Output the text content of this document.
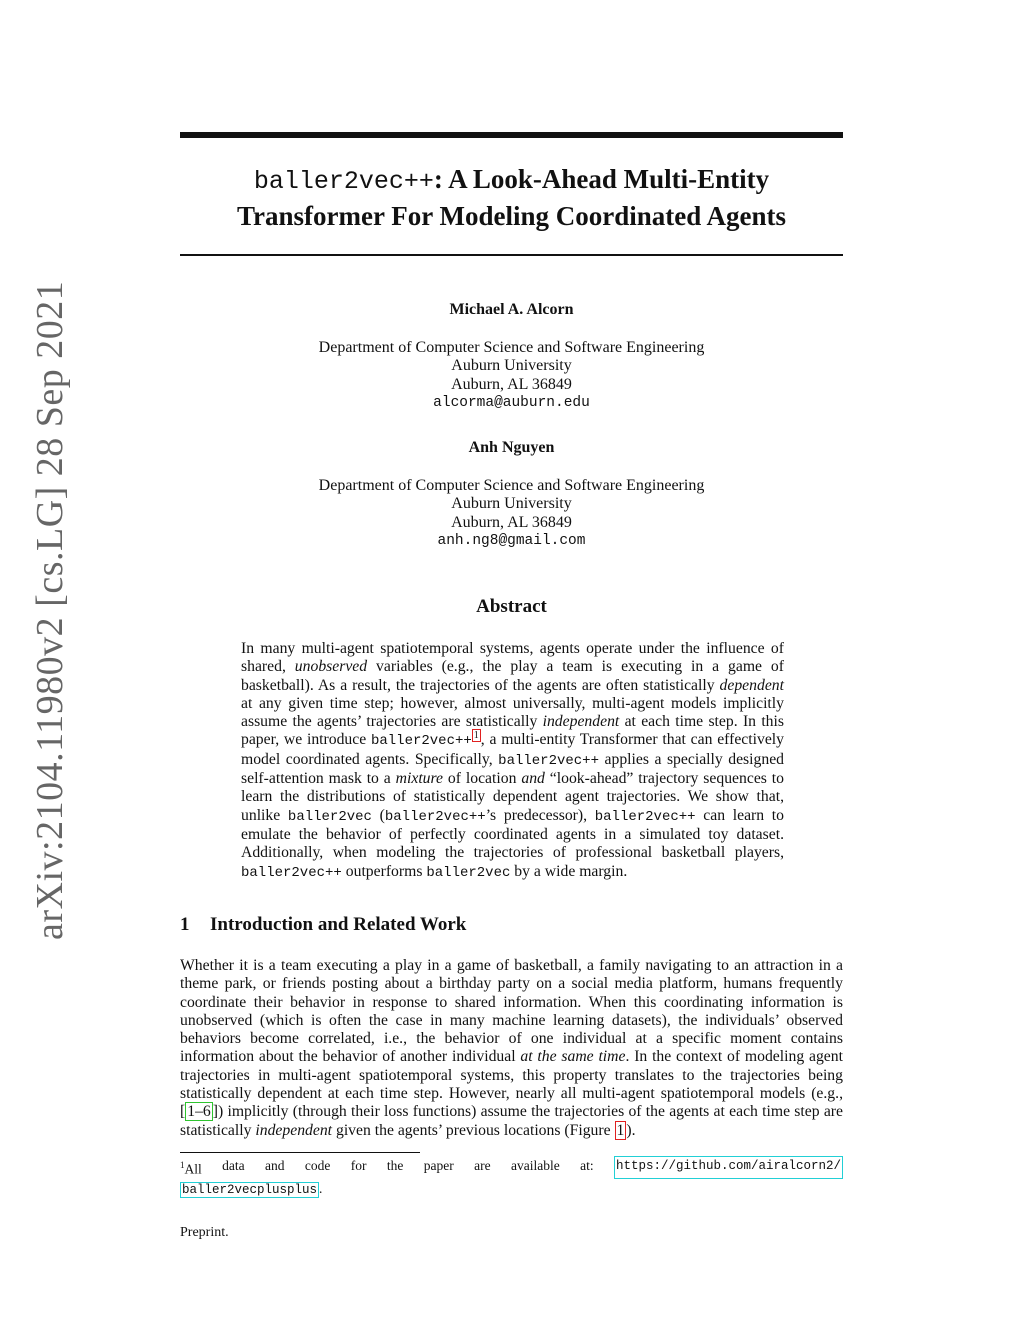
arXiv:2104.11980v2 [cs.LG] 28 Sep 2021
baller2vec++: A Look-Ahead Multi-Entity
Transformer For Modeling Coordinated Agents
Michael A. Alcorn
Department of Computer Science and Software Engineering
Auburn University
Auburn, AL 36849
alcorma@auburn.edu
Anh Nguyen
Department of Computer Science and Software Engineering
Auburn University
Auburn, AL 36849
anh.ng8@gmail.com
Abstract
In many multi-agent spatiotemporal systems, agents operate under the influence of shared, unobserved variables (e.g., the play a team is executing in a game of basketball). As a result, the trajectories of the agents are often statistically dependent at any given time step; however, almost universally, multi-agent models implicitly assume the agents’ trajectories are statistically independent at each time step. In this paper, we introduce baller2vec++ $^1$ , a multi-entity Transformer that can effectively model coordinated agents. Specifically, baller2vec++ applies a specially designed self-attention mask to a mixture of location and “look-ahead” trajectory sequences to learn the distributions of statistically dependent agent trajectories. We show that, unlike baller2vec (baller2vec++’s predecessor), baller2vec++ can learn to emulate the behavior of perfectly coordinated agents in a simulated toy dataset. Additionally, when modeling the trajectories of professional basketball players, baller2vec++ outperforms baller2vec by a wide margin.
1 Introduction and Related Work
Whether it is a team executing a play in a game of basketball, a family navigating to an attraction in a theme park, or friends posting about a birthday party on a social media platform, humans frequently coordinate their behavior in response to shared information. When this coordinating information is unobserved (which is often the case in many machine learning datasets), the individuals’ observed behaviors become correlated, i.e., the behavior of one individual at a specific moment contains information about the behavior of another individual at the same time. In the context of modeling agent trajectories in multi-agent spatiotemporal systems, this property translates to the trajectories being statistically dependent at each time step. However, nearly all multi-agent spatiotemporal models (e.g., [ 1–6 ]) implicitly (through their loss functions) assume the trajectories of the agents at each time step are statistically independent given the agents’ previous locations (Figure 1 ).
$^1$All data and code for the paper are available at: https://github.com/airalcorn2/
baller2vecplusplus .
Preprint.
